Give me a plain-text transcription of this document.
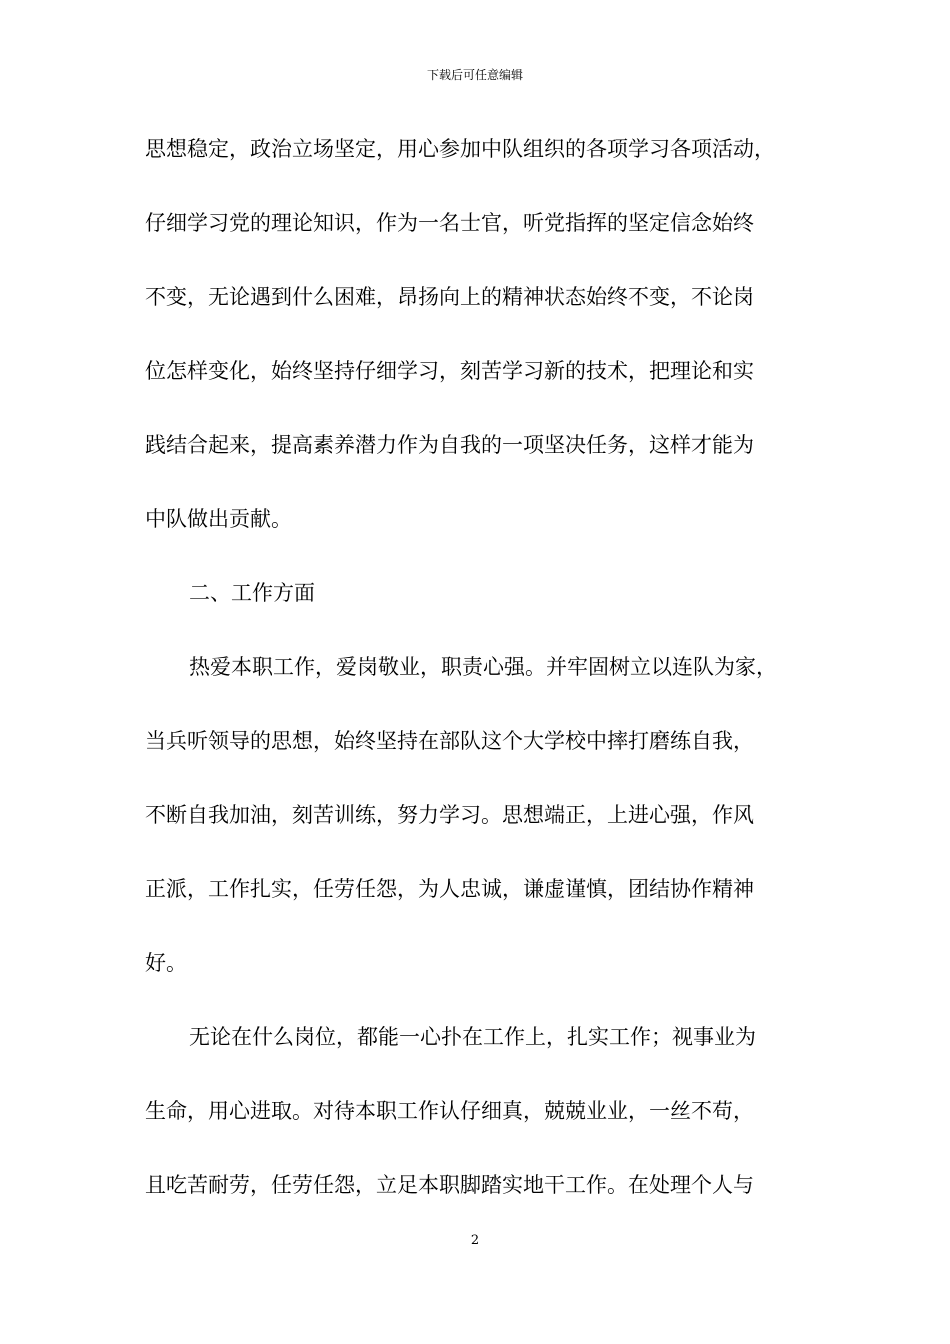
下载后可任意编辑
思想稳定，政治立场坚定，用心参加中队组织的各项学习各项活动，
仔细学习党的理论知识，作为一名士官，听党指挥的坚定信念始终
不变，无论遇到什么困难，昂扬向上的精神状态始终不变，不论岗
位怎样变化，始终坚持仔细学习，刻苦学习新的技术，把理论和实
践结合起来，提高素养潜力作为自我的一项坚决任务，这样才能为
中队做出贡献。
二、工作方面
热爱本职工作，爱岗敬业，职责心强。并牢固树立以连队为家，
当兵听领导的思想，始终坚持在部队这个大学校中摔打磨练自我，
不断自我加油，刻苦训练，努力学习。思想端正，上进心强，作风
正派，工作扎实，任劳任怨，为人忠诚，谦虚谨慎，团结协作精神
好。
无论在什么岗位，都能一心扑在工作上，扎实工作；视事业为
生命，用心进取。对待本职工作认仔细真，兢兢业业，一丝不苟，
且吃苦耐劳，任劳任怨，立足本职脚踏实地干工作。在处理个人与
2
